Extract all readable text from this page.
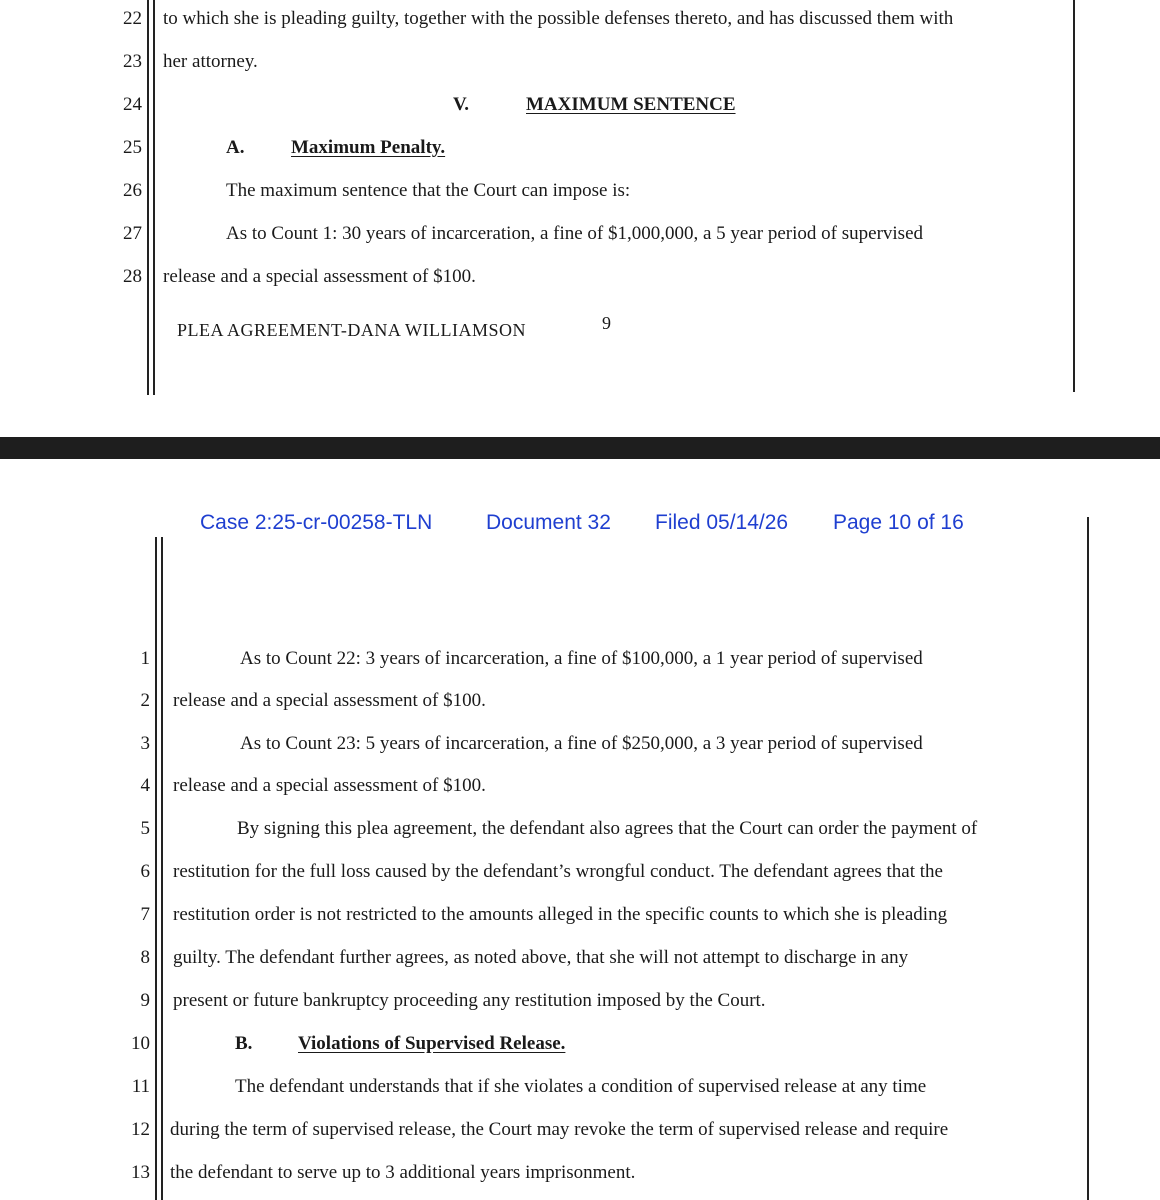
22
23
24
25
26
27
28
to which she is pleading guilty, together with the possible defenses thereto, and has discussed them with
her attorney.
V.	MAXIMUM SENTENCE
A. Maximum Penalty.
The maximum sentence that the Court can impose is:
As to Count 1: 30 years of incarceration, a fine of $1,000,000, a 5 year period of supervised
release and a special assessment of $100.
PLEA AGREEMENT-DANA WILLIAMSON	9
Case 2:25-cr-00258-TLN	Document 32 Filed 05/14/26 Page 10 of 16
1
2
3
4
5
6
7
8
9
10
11
12
13
As to Count 22: 3 years of incarceration, a fine of $100,000, a 1 year period of supervised
release and a special assessment of $100.
As to Count 23: 5 years of incarceration, a fine of $250,000, a 3 year period of supervised
release and a special assessment of $100.
By signing this plea agreement, the defendant also agrees that the Court can order the payment of
restitution for the full loss caused by the defendant’s wrongful conduct. The defendant agrees that the
restitution order is not restricted to the amounts alleged in the specific counts to which she is pleading
guilty. The defendant further agrees, as noted above, that she will not attempt to discharge in any
present or future bankruptcy proceeding any restitution imposed by the Court.
B. Violations of Supervised Release.
The defendant understands that if she violates a condition of supervised release at any time
during the term of supervised release, the Court may revoke the term of supervised release and require
the defendant to serve up to 3 additional years imprisonment.
